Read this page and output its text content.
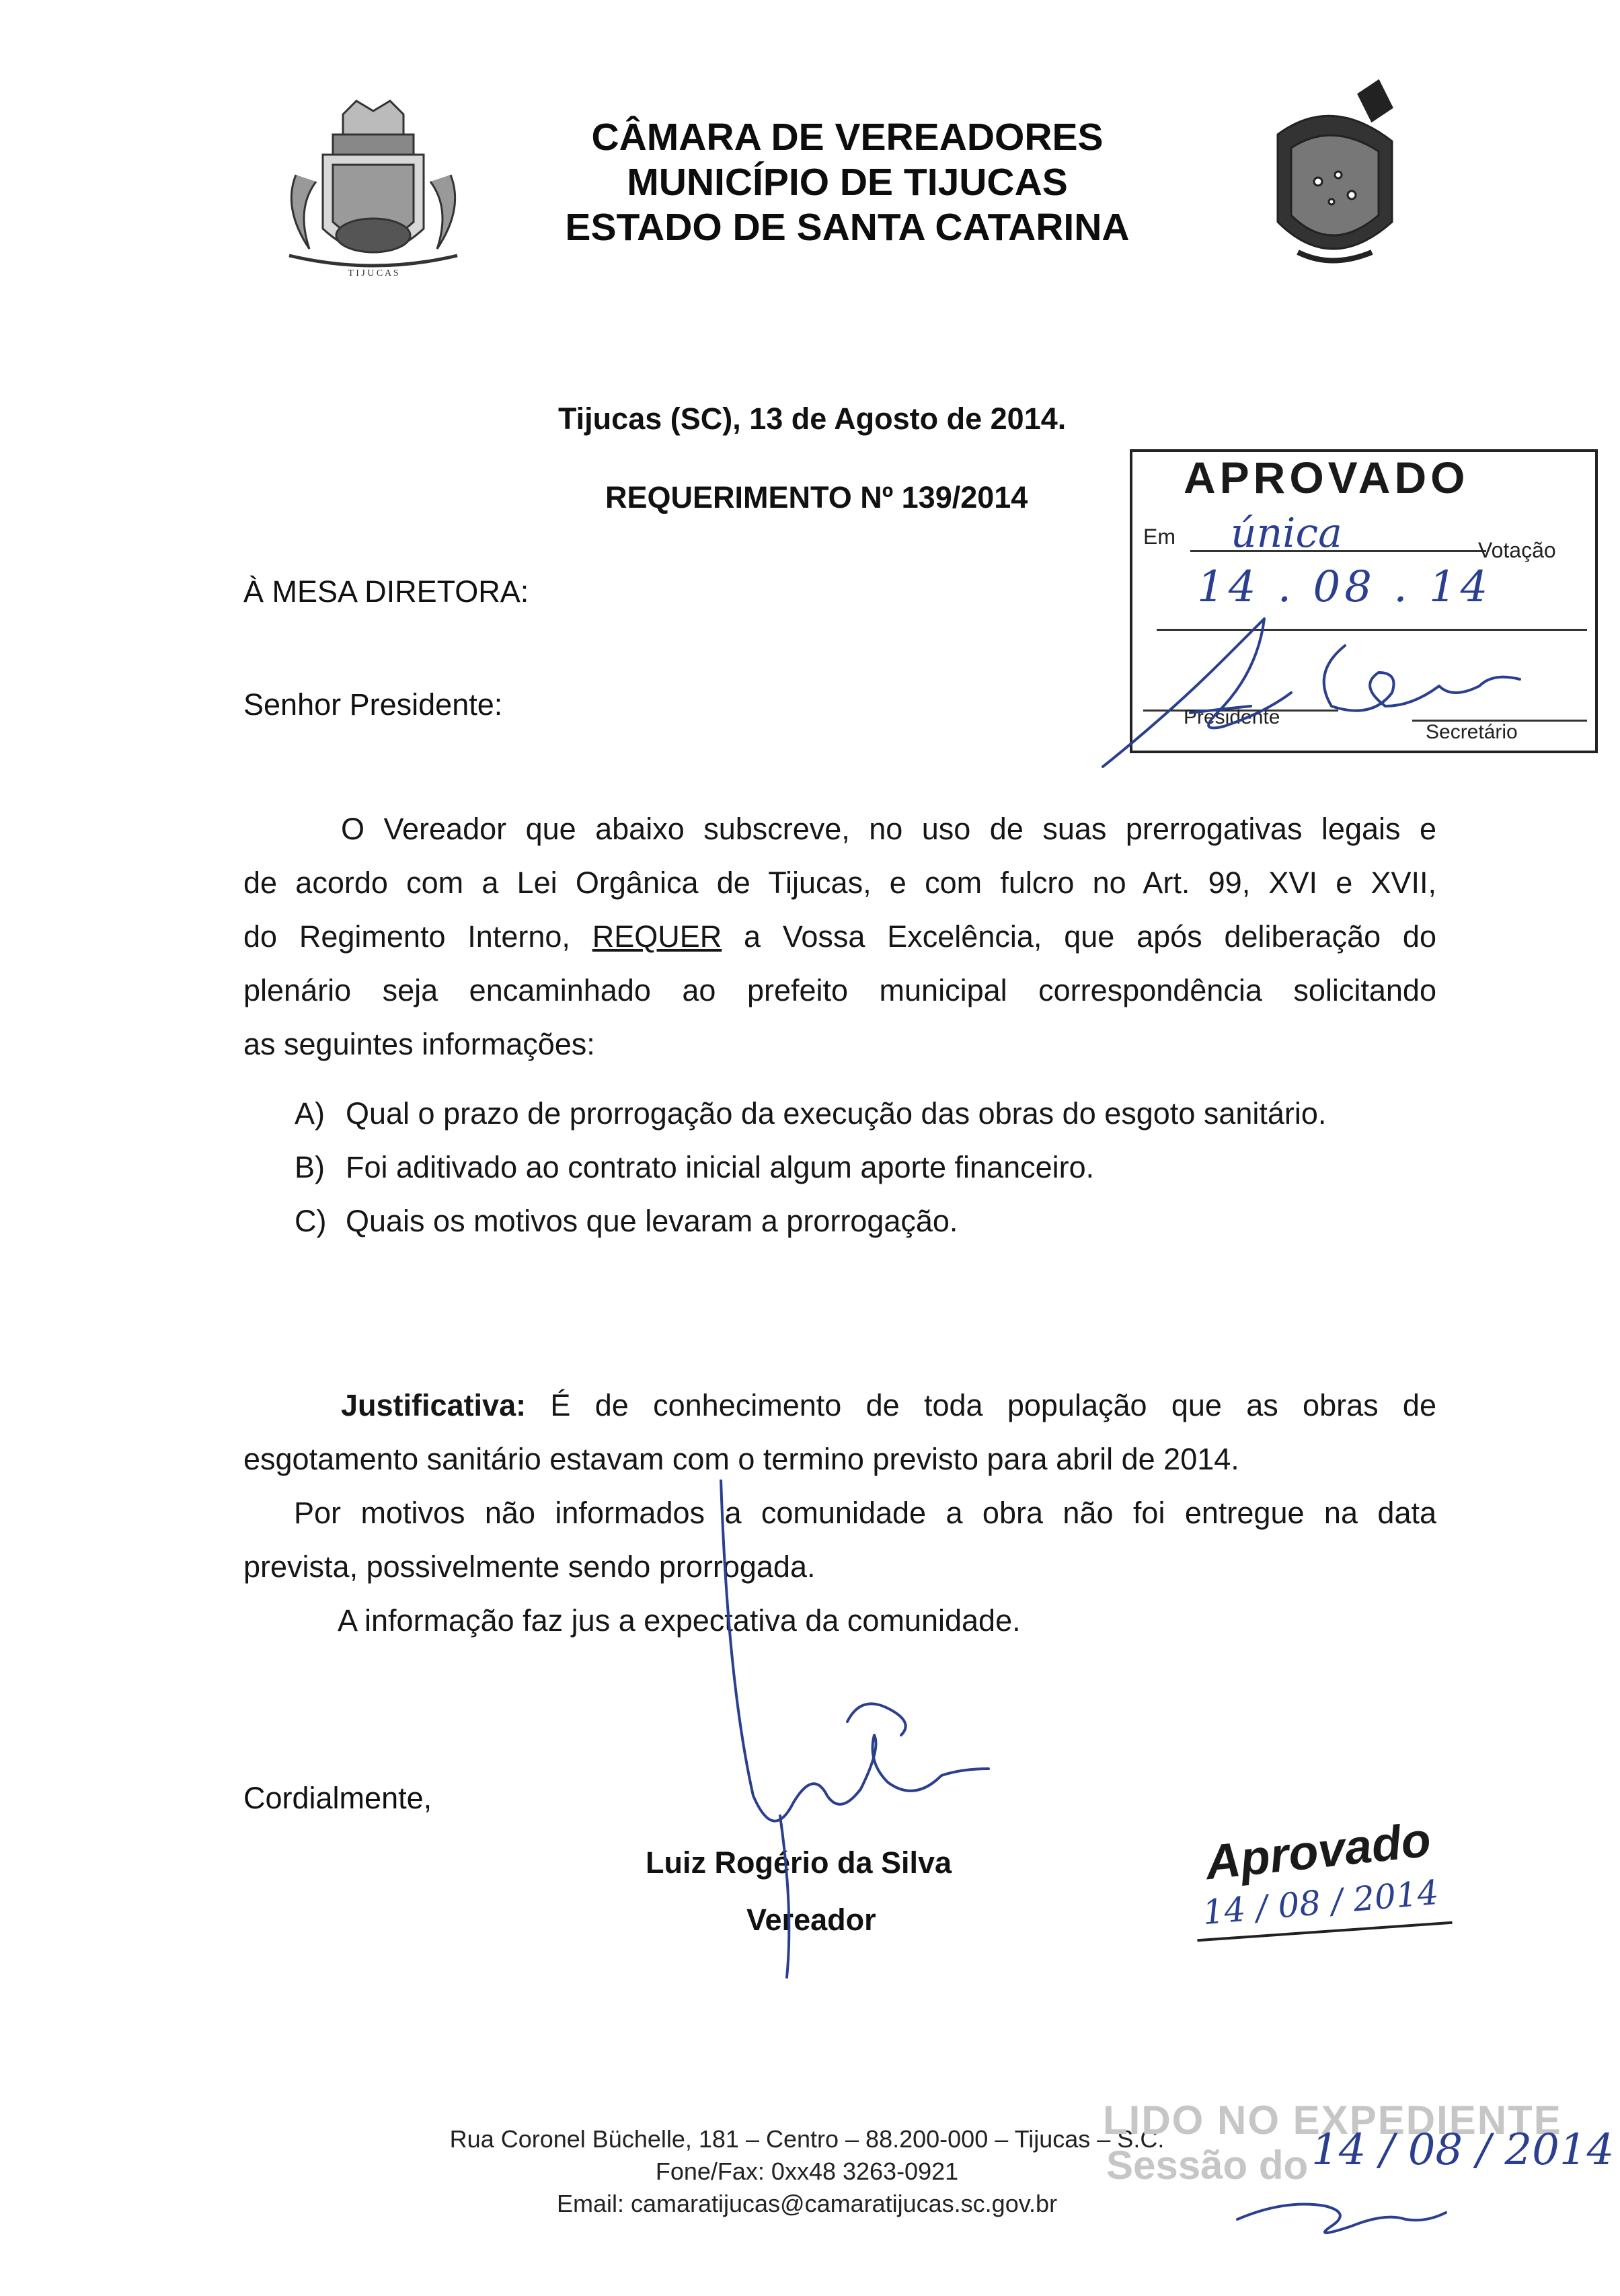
T I J U C A S
CÂMARA DE VEREADORES
MUNICÍPIO DE TIJUCAS
ESTADO DE SANTA CATARINA
Tijucas (SC), 13 de Agosto de 2014.
REQUERIMENTO Nº 139/2014	APROVADO
Em única	Votação
14 . 08 . 14
Presidente
Secretário
À MESA DIRETORA:
Senhor Presidente:
O Vereador que abaixo subscreve, no uso de suas prerrogativas legais e
de acordo com a Lei Orgânica de Tijucas, e com fulcro no Art. 99, XVI e XVII,
do Regimento Interno, REQUER a Vossa Excelência, que após deliberação do
plenário seja encaminhado ao prefeito municipal correspondência solicitando
as seguintes informações:
A) Qual o prazo de prorrogação da execução das obras do esgoto sanitário.
B) Foi aditivado ao contrato inicial algum aporte financeiro.
C) Quais os motivos que levaram a prorrogação.
Justificativa: É de conhecimento de toda população que as obras de
esgotamento sanitário estavam com o termino previsto para abril de 2014.
Por motivos não informados a comunidade a obra não foi entregue na data
prevista, possivelmente sendo prorrogada.
A informação faz jus a expectativa da comunidade.
Cordialmente,
Luiz Rogério da Silva
Vereador
Aprovado
14 / 08 / 2014
Rua Coronel Büchelle, 181 – Centro – 88.200-000 – Tijucas – S.C.
Fone/Fax: 0xx48 3263-0921
Email: camaratijucas@camaratijucas.sc.gov.br
LIDO NO EXPEDIENTE
Sessão do 14 / 08 / 2014
